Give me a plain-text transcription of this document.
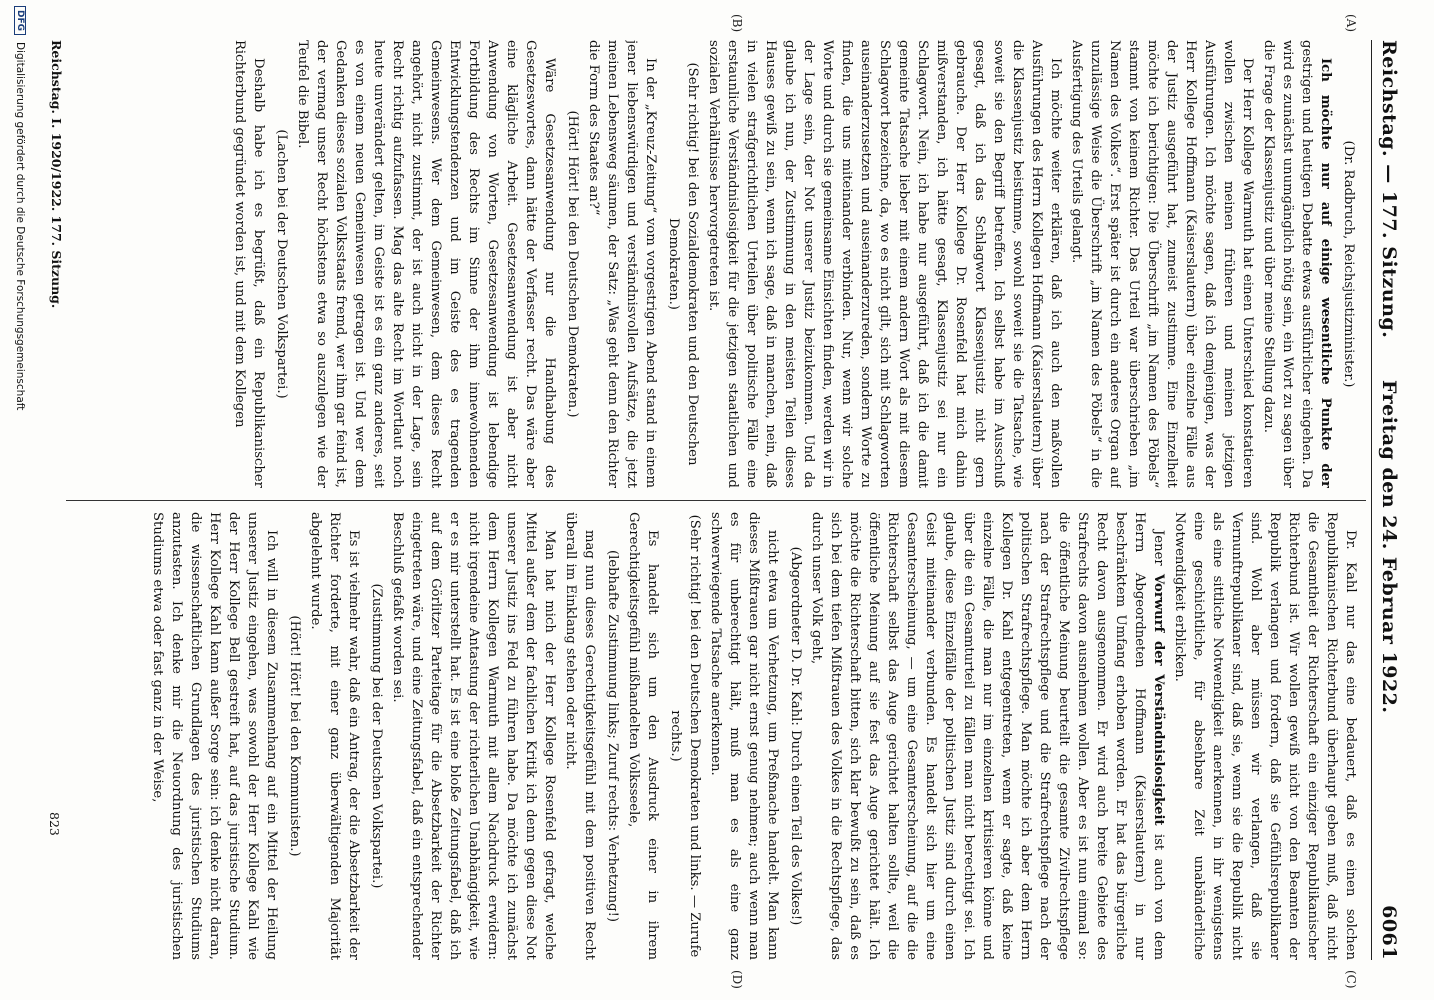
Reichstag. — 177. Sitzung.
Freitag den 24. Februar 1922.
6061
(A)
(B)
(C)
(D)

(Dr. Radbruch, Reichsjustizminister.)

Ich möchte nur auf einige wesentliche Punkte der gestrigen und heutigen Debatte etwas ausführlicher eingehen. Da wird es zunächst unumgänglich nötig sein, ein Wort zu sagen über die Frage der Klassenjustiz und über meine Stellung dazu.

Der Herr Kollege Warmuth hat einen Unterschied konstatieren wollen zwischen meinen früheren und meinen jetzigen Ausführungen. Ich möchte sagen, daß ich demjenigen, was der Herr Kollege Hoffmann (Kaiserslautern) über einzelne Fälle aus der Justiz ausgeführt hat, zumeist zustimme. Eine Einzelheit möchte ich berichtigen: Die Überschrift „im Namen des Pöbels“ stammt von keinem Richter. Das Urteil war überschrieben „im Namen des Volkes“. Erst später ist durch ein anderes Organ auf unzulässige Weise die Überschrift „im Namen des Pöbels“ in die Ausfertigung des Urteils gelangt.

Ich möchte weiter erklären, daß ich auch den maßvollen Ausführungen des Herrn Kollegen Hoffmann (Kaiserslautern) über die Klassenjustiz beistimme, sowohl soweit sie die Tatsache, wie soweit sie den Begriff betreffen. Ich selbst habe im Ausschuß gesagt, daß ich das Schlagwort Klassenjustiz nicht gern gebrauche. Der Herr Kollege Dr. Rosenfeld hat mich dahin mißverstanden, ich hätte gesagt, Klassenjustiz sei nur ein Schlagwort. Nein, ich habe nur ausgeführt, daß ich die damit gemeinte Tatsache lieber mit einem andern Wort als mit diesem Schlagwort bezeichne, da, wo es nicht gilt, sich mit Schlagworten auseinanderzusetzen und auseinanderzureden, sondern Worte zu finden, die uns miteinander verbinden. Nur, wenn wir solche Worte und durch sie gemeinsame Einsichten finden, werden wir in der Lage sein, der Not unserer Justiz beizukommen. Und da glaube ich nun, der Zustimmung in den meisten Teilen dieses Hauses gewiß zu sein, wenn ich sage, daß in manchen, nein, daß in vielen strafgerichtlichen Urteilen über politische Fälle eine erstaunliche Verständnislosigkeit für die jetzigen staatlichen und sozialen Verhältnisse hervorgetreten ist.

(Sehr richtig! bei den Sozialdemokraten und den Deutschen Demokraten.)

In der „Kreuz-Zeitung“ vom vorgestrigen Abend stand in einem jener liebenswürdigen und verständnisvollen Aufsätze, die jetzt meinen Lebensweg säumen, der Satz: „Was geht denn den Richter die Form des Staates an?“

(Hört! Hört! bei den Deutschen Demokraten.)

Wäre Gesetzesanwendung nur die Handhabung des Gesetzeswortes, dann hätte der Verfasser recht. Das wäre aber eine klägliche Arbeit. Gesetzesanwendung ist aber nicht Anwendung von Worten, Gesetzesanwendung ist lebendige Fortbildung des Rechts im Sinne der ihm innewohnenden Entwicklungstendenzen und im Geiste des es tragenden Gemeinwesens. Wer dem Gemeinwesen, dem dieses Recht angehört, nicht zustimmt, der ist auch nicht in der Lage, sein Recht richtig aufzufassen. Mag das alte Recht im Wortlaut noch heute unverändert gelten, im Geiste ist es ein ganz anderes, seit es von einem neuen Gemeinwesen getragen ist. Und wer dem Gedanken dieses sozialen Volksstaats fremd, wer ihm gar feind ist, der vermag unser Recht höchstens etwa so auszulegen wie der Teufel die Bibel.

(Lachen bei der Deutschen Volkspartei.)

Deshalb habe ich es begrüßt, daß ein Republikanischer Richterbund gegründet worden ist, und mit dem Kollegen

Dr. Kahl nur das eine bedauert, daß es einen solchen Republikanischen Richterbund überhaupt geben muß, daß nicht die Gesamtheit der Richterschaft ein einziger Republikanischer Richterbund ist. Wir wollen gewiß nicht von den Beamten der Republik verlangen und fordern, daß sie Gefühlsrepublikaner sind. Wohl aber müssen wir verlangen, daß sie Vernunftrepublikaner sind, daß sie, wenn sie die Republik nicht als eine sittliche Notwendigkeit anerkennen, in ihr wenigstens eine geschichtliche, für absehbare Zeit unabänderliche Notwendigkeit erblicken.

Jener Vorwurf der Verständnislosigkeit ist auch von dem Herrn Abgeordneten Hoffmann (Kaiserslautern) in nur beschränktem Umfang erhoben worden. Er hat das bürgerliche Recht davon ausgenommen. Er wird auch breite Gebiete des Strafrechts davon ausnehmen wollen. Aber es ist nun einmal so: die öffentliche Meinung beurteilt die gesamte Zivilrechtspflege nach der Strafrechtspflege und die Strafrechtspflege nach der politischen Strafrechtspflege. Man möchte ich aber dem Herrn Kollegen Dr. Kahl entgegentreten, wenn er sagte, daß keine einzelne Fälle, die man nur im einzelnen kritisieren könne und über die ein Gesamturteil zu fällen man nicht berechtigt sei. Ich glaube, diese Einzelfälle der politischen Justiz sind durch einen Geist miteinander verbunden. Es handelt sich hier um eine Gesamterscheinung, — um eine Gesamterscheinung, auf die die Richterschaft selbst das Auge gerichtet halten sollte, weil die öffentliche Meinung auf sie fest das Auge gerichtet hält. Ich möchte die Richterschaft bitten, sich klar bewußt zu sein, daß es sich bei dem tiefen Mißtrauen des Volkes in die Rechtspflege, das durch unser Volk geht,

(Abgeordneter D. Dr. Kahl: Durch einen Teil des Volkes!)

nicht etwa um Verhetzung, um Preßmache handelt. Man kann dieses Mißtrauen gar nicht ernst genug nehmen; auch wenn man es für unberechtigt hält, muß man es als eine ganz schwerwiegende Tatsache anerkennen.

(Sehr richtig! bei den Deutschen Demokraten und links. — Zurufe rechts.)

Es handelt sich um den Ausdruck einer in ihrem Gerechtigkeitsgefühl mißhandelten Volksseele,

(lebhafte Zustimmung links; Zuruf rechts: Verhetzung!)

mag nun dieses Gerechtigkeitsgefühl mit dem positiven Recht überall im Einklang stehen oder nicht.

Man hat mich der Herr Kollege Rosenfeld gefragt, welche Mittel außer dem der fachlichen Kritik ich denn gegen diese Not unserer Justiz ins Feld zu führen habe. Da möchte ich zunächst dem Herrn Kollegen Warmuth mit allem Nachdruck erwidern: nicht irgendeine Antastung der richterlichen Unabhängigkeit, wie er es mir unterstellt hat. Es ist eine bloße Zeitungsfabel, daß ich auf dem Görlitzer Parteitage für die Absetzbarkeit der Richter eingetreten wäre, und eine Zeitungsfabel, daß ein entsprechender Beschluß gefaßt worden sei.

(Zustimmung bei der Deutschen Volkspartei.)

Es ist vielmehr wahr, daß ein Antrag, der die Absetzbarkeit der Richter forderte, mit einer ganz überwältigenden Majorität abgelehnt wurde.

(Hört! Hört! bei den Kommunisten.)

Ich will in diesem Zusammenhang auf ein Mittel der Heilung unserer Justiz eingehen, was sowohl der Herr Kollege Kahl wie der Herr Kollege Bell gestreift hat, auf das juristische Studium. Herr Kollege Kahl kann außer Sorge sein: ich denke nicht daran, die wissenschaftlichen Grundlagen des juristischen Studiums anzutasten. Ich denke mir die Neuordnung des juristischen Studiums etwa oder fast ganz in der Weise,

Reichstag. I. 1920/1922. 177. Sitzung.
823
DFG
Digitalisierung gefördert durch die Deutsche Forschungsgemeinschaft
